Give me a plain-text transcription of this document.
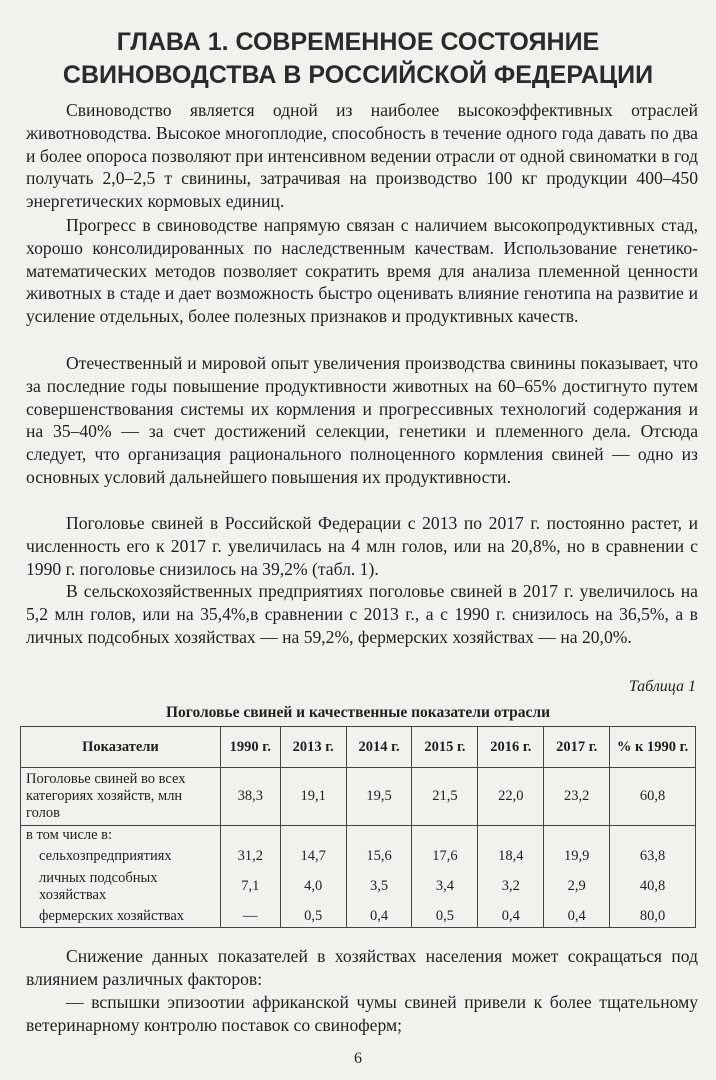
ГЛАВА 1. СОВРЕМЕННОЕ СОСТОЯНИЕ
СВИНОВОДСТВА В РОССИЙСКОЙ ФЕДЕРАЦИИ

Свиноводство является одной из наиболее высокоэффективных отраслей животноводства. Высокое многоплодие, способность в течение одного года давать по два и более опороса позволяют при интенсивном ведении отрасли от одной свиноматки в год получать 2,0–2,5 т свинины, затрачивая на производство 100 кг продукции 400–450 энергетических кормовых единиц.

Прогресс в свиноводстве напрямую связан с наличием высокопродуктивных стад, хорошо консолидированных по наследственным качествам. Использование генетико-математических методов позволяет сократить время для анализа племенной ценности животных в стаде и дает возможность быстро оценивать влияние генотипа на развитие и усиление отдельных, более полезных признаков и продуктивных качеств.

Отечественный и мировой опыт увеличения производства свинины показывает, что за последние годы повышение продуктивности животных на 60–65% достигнуто путем совершенствования системы их кормления и прогрессивных технологий содержания и на 35–40% — за счет достижений селекции, генетики и племенного дела. Отсюда следует, что организация рационального полноценного кормления свиней — одно из основных условий дальнейшего повышения их продуктивности.

Поголовье свиней в Российской Федерации с 2013 по 2017 г. постоянно растет, и численность его к 2017 г. увеличилась на 4 млн голов, или на 20,8%, но в сравнении с 1990 г. поголовье снизилось на 39,2% (табл. 1).

В сельскохозяйственных предприятиях поголовье свиней в 2017 г. увеличилось на 5,2 млн голов, или на 35,4%,в сравнении с 2013 г., а с 1990 г. снизилось на 36,5%, а в личных подсобных хозяйствах — на 59,2%, фермерских хозяйствах — на 20,0%.

Таблица 1
Поголовье свиней и качественные показатели отрасли
Показатели	1990 г.	2013 г.	2014 г.	2015 г.	2016 г.	2017 г.	% к 1990 г.
Поголовье свиней во всех категориях хозяйств, млн голов	38,3	19,1	19,5	21,5	22,0	23,2	60,8
в том числе в:							
сельхозпредприятиях	31,2	14,7	15,6	17,6	18,4	19,9	63,8
личных подсобных хозяйствах	7,1	4,0	3,5	3,4	3,2	2,9	40,8
фермерских хозяйствах	—	0,5	0,4	0,5	0,4	0,4	80,0

Снижение данных показателей в хозяйствах населения может сокращаться под влиянием различных факторов:

— вспышки эпизоотии африканской чумы свиней привели к более тщательному ветеринарному контролю поставок со свиноферм;

6
